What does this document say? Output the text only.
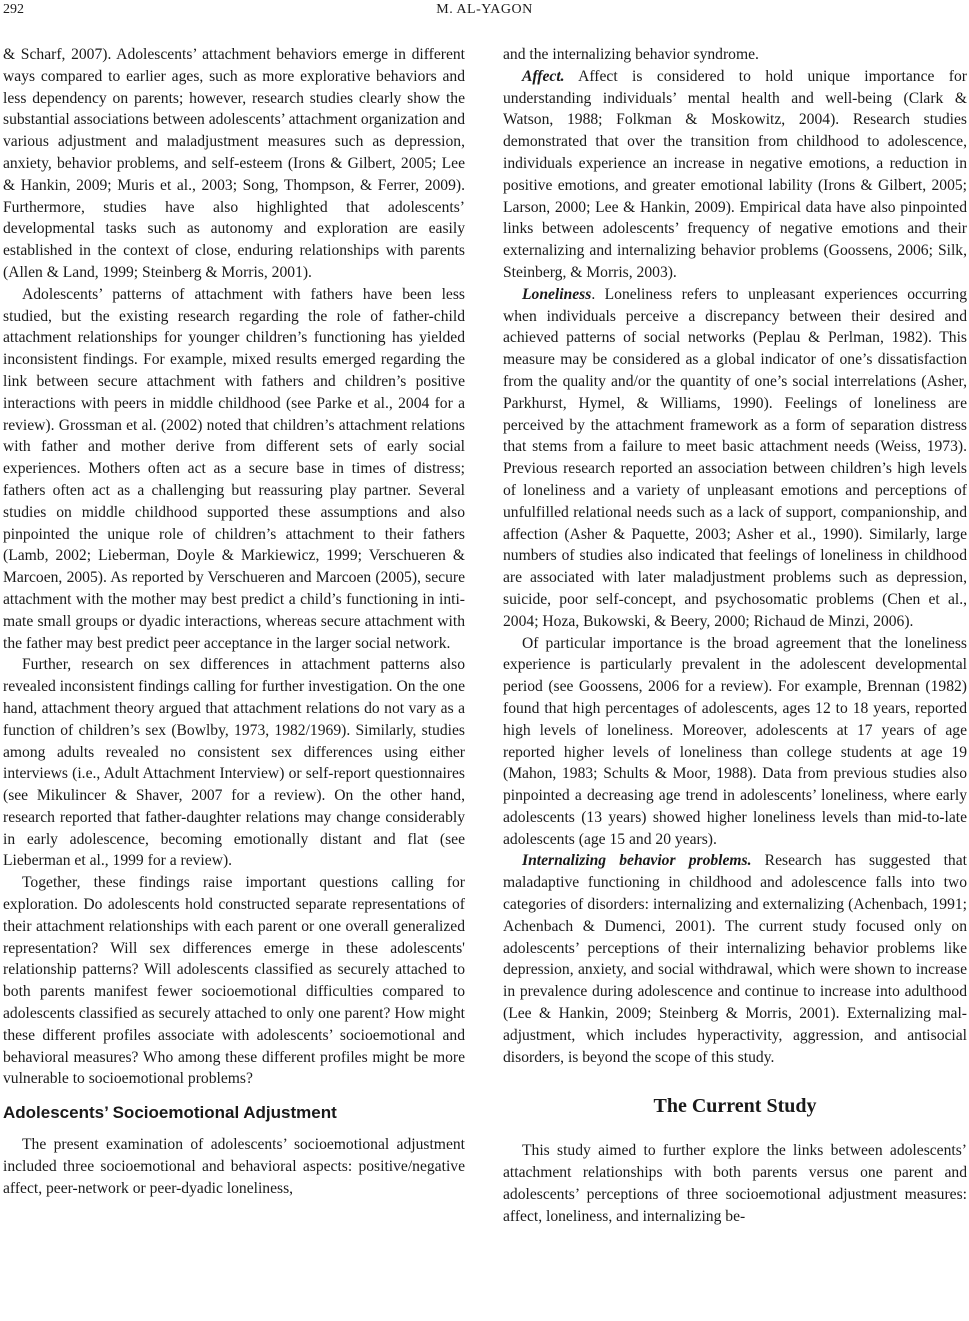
292	M. AL-YAGON

& Scharf, 2007). Adolescents’ attachment behaviors emerge in different ways compared to earlier ages, such as more explorative behaviors and less dependency on parents; however, research studies clearly show the substantial associations between adolescents’ attachment organization and various adjustment and maladjustment measures such as depression, anxiety, behavior problems, and self-esteem (Irons & Gilbert, 2005; Lee & Hankin, 2009; Muris et al., 2003; Song, Thompson, & Ferrer, 2009). Furthermore, studies have also highlighted that adolescents’ developmental tasks such as autonomy and exploration are easily established in the context of close, enduring relationships with parents (Allen & Land, 1999; Steinberg & Morris, 2001).

Adolescents’ patterns of attachment with fathers have been less studied, but the existing research regarding the role of father-child attachment relationships for younger children’s functioning has yielded inconsistent findings. For example, mixed results emerged regarding the link between secure attachment with fathers and children’s positive interactions with peers in middle childhood (see Parke et al., 2004 for a review). Grossman et al. (2002) noted that children’s attachment relations with father and mother derive from different sets of early social experiences. Mothers often act as a secure base in times of distress; fathers often act as a challenging but reassuring play partner. Several studies on middle childhood supported these assumptions and also pinpointed the unique role of children’s attachment to their fathers (Lamb, 2002; Lieberman, Doyle & Markiewicz, 1999; Verschueren & Marcoen, 2005). As reported by Verschueren and Marcoen (2005), secure attachment with the mother may best predict a child’s functioning in intimate small groups or dyadic interactions, whereas secure attachment with the father may best predict peer acceptance in the larger social network.

Further, research on sex differences in attachment patterns also revealed inconsistent findings calling for further investigation. On the one hand, attachment theory argued that attachment relations do not vary as a function of children’s sex (Bowlby, 1973, 1982/1969). Similarly, studies among adults revealed no consistent sex differences using either interviews (i.e., Adult Attachment Interview) or self-report questionnaires (see Mikulincer & Shaver, 2007 for a review). On the other hand, research reported that father-daughter relations may change considerably in early adolescence, becoming emotionally distant and flat (see Lieberman et al., 1999 for a review).

Together, these findings raise important questions calling for exploration. Do adolescents hold constructed separate representations of their attachment relationships with each parent or one overall generalized representation? Will sex differences emerge in these adolescents' relationship patterns? Will adolescents classified as securely attached to both parents manifest fewer socioemotional difficulties compared to adolescents classified as securely attached to only one parent? How might these different profiles associate with adolescents’ socioemotional and behavioral measures? Who among these different profiles might be more vulnerable to socioemotional problems?

Adolescents’ Socioemotional Adjustment

The present examination of adolescents’ socioemotional adjustment included three socioemotional and behavioral aspects: positive/negative affect, peer-network or peer-dyadic loneliness,

and the internalizing behavior syndrome.

Affect. Affect is considered to hold unique importance for understanding individuals’ mental health and well-being (Clark & Watson, 1988; Folkman & Moskowitz, 2004). Research studies demonstrated that over the transition from childhood to adolescence, individuals experience an increase in negative emotions, a reduction in positive emotions, and greater emotional lability (Irons & Gilbert, 2005; Larson, 2000; Lee & Hankin, 2009). Empirical data have also pinpointed links between adolescents’ frequency of negative emotions and their externalizing and internalizing behavior problems (Goossens, 2006; Silk, Steinberg, & Morris, 2003).

Loneliness. Loneliness refers to unpleasant experiences occurring when individuals perceive a discrepancy between their desired and achieved patterns of social networks (Peplau & Perlman, 1982). This measure may be considered as a global indicator of one’s dissatisfaction from the quality and/or the quantity of one’s social interrelations (Asher, Parkhurst, Hymel, & Williams, 1990). Feelings of loneliness are perceived by the attachment framework as a form of separation distress that stems from a failure to meet basic attachment needs (Weiss, 1973). Previous research reported an association between children’s high levels of loneliness and a variety of unpleasant emotions and perceptions of unfulfilled relational needs such as a lack of support, companionship, and affection (Asher & Paquette, 2003; Asher et al., 1990). Similarly, large numbers of studies also indicated that feelings of loneliness in childhood are associated with later maladjustment problems such as depression, suicide, poor self-concept, and psychosomatic problems (Chen et al., 2004; Hoza, Bukowski, & Beery, 2000; Richaud de Minzi, 2006).

Of particular importance is the broad agreement that the loneliness experience is particularly prevalent in the adolescent developmental period (see Goossens, 2006 for a review). For example, Brennan (1982) found that high percentages of adolescents, ages 12 to 18 years, reported high levels of loneliness. Moreover, adolescents at 17 years of age reported higher levels of loneliness than college students at age 19 (Mahon, 1983; Schults & Moor, 1988). Data from previous studies also pinpointed a decreasing age trend in adolescents’ loneliness, where early adolescents (13 years) showed higher loneliness levels than mid-to-late adolescents (age 15 and 20 years).

Internalizing behavior problems. Research has suggested that maladaptive functioning in childhood and adolescence falls into two categories of disorders: internalizing and externalizing (Achenbach, 1991; Achenbach & Dumenci, 2001). The current study focused only on adolescents’ perceptions of their internalizing behavior problems like depression, anxiety, and social withdrawal, which were shown to increase in prevalence during adolescence and continue to increase into adulthood (Lee & Hankin, 2009; Steinberg & Morris, 2001). Externalizing maladjustment, which includes hyperactivity, aggression, and antisocial disorders, is beyond the scope of this study.

The Current Study

This study aimed to further explore the links between adolescents’ attachment relationships with both parents versus one parent and adolescents’ perceptions of three socioemotional adjustment measures: affect, loneliness, and internalizing be-
